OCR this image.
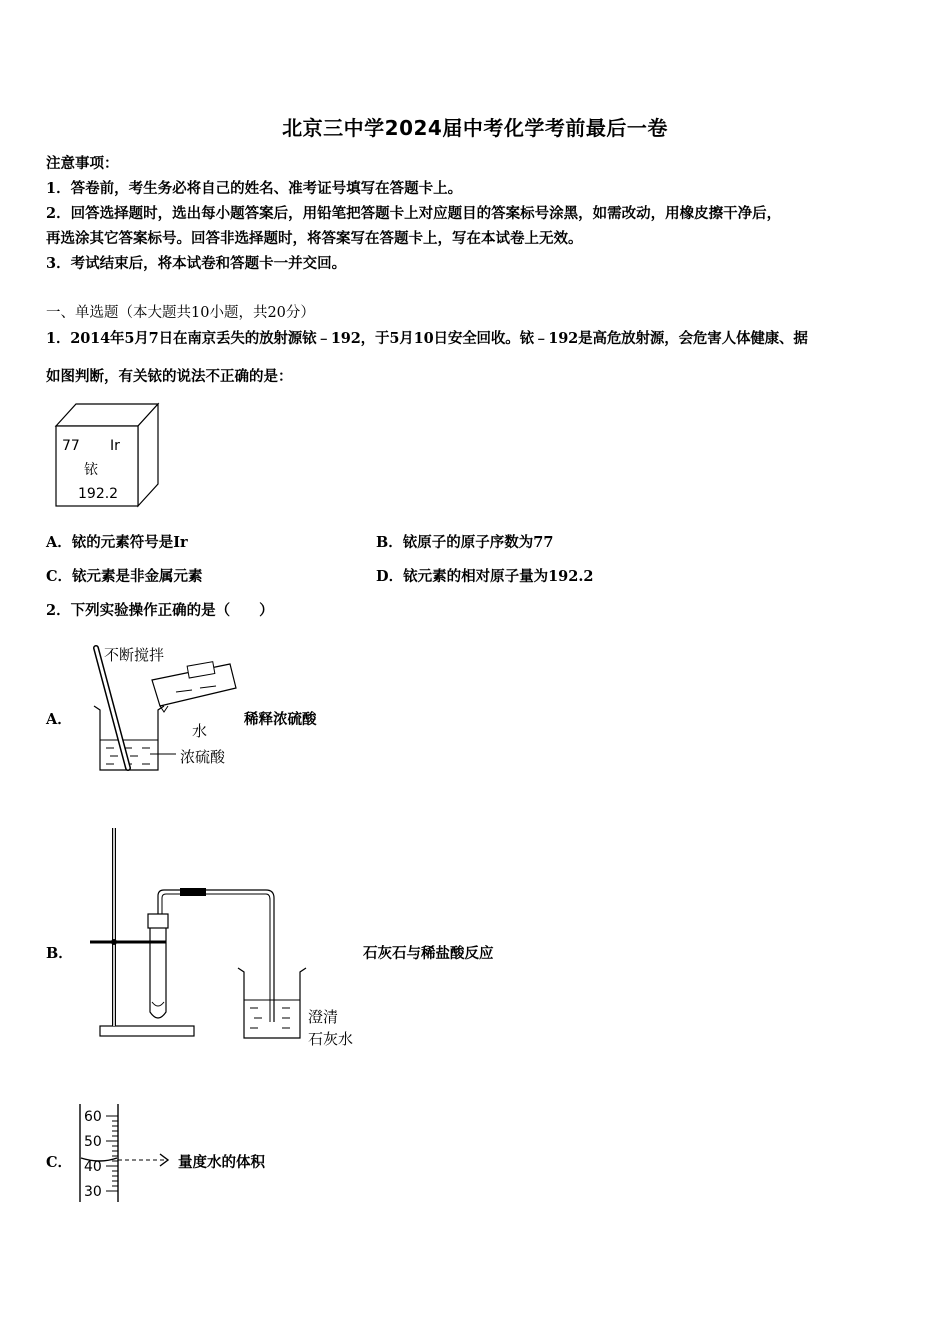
北京三中学2024届中考化学考前最后一卷
注意事项：
1．答卷前，考生务必将自己的姓名、准考证号填写在答题卡上。
2．回答选择题时，选出每小题答案后，用铅笔把答题卡上对应题目的答案标号涂黑，如需改动，用橡皮擦干净后，
再选涂其它答案标号。回答非选择题时，将答案写在答题卡上，写在本试卷上无效。
3．考试结束后，将本试卷和答题卡一并交回。
一、单选题（本大题共10小题，共20分）
1．2014年5月7日在南京丢失的放射源铱﹣192，于5月10日安全回收。铱﹣192是高危放射源，会危害人体健康、据
如图判断，有关铱的说法不正确的是：
77 Ir
铱
192.2
A．铱的元素符号是Ir	B．铱原子的原子序数为77
C．铱元素是非金属元素	D．铱元素的相对原子量为192.2
2．下列实验操作正确的是（　　）
A．
不断搅拌
水
浓硫酸
稀释浓硫酸
B．
澄清
石灰水
石灰石与稀盐酸反应
C．
60
50
40
30
量度水的体积
